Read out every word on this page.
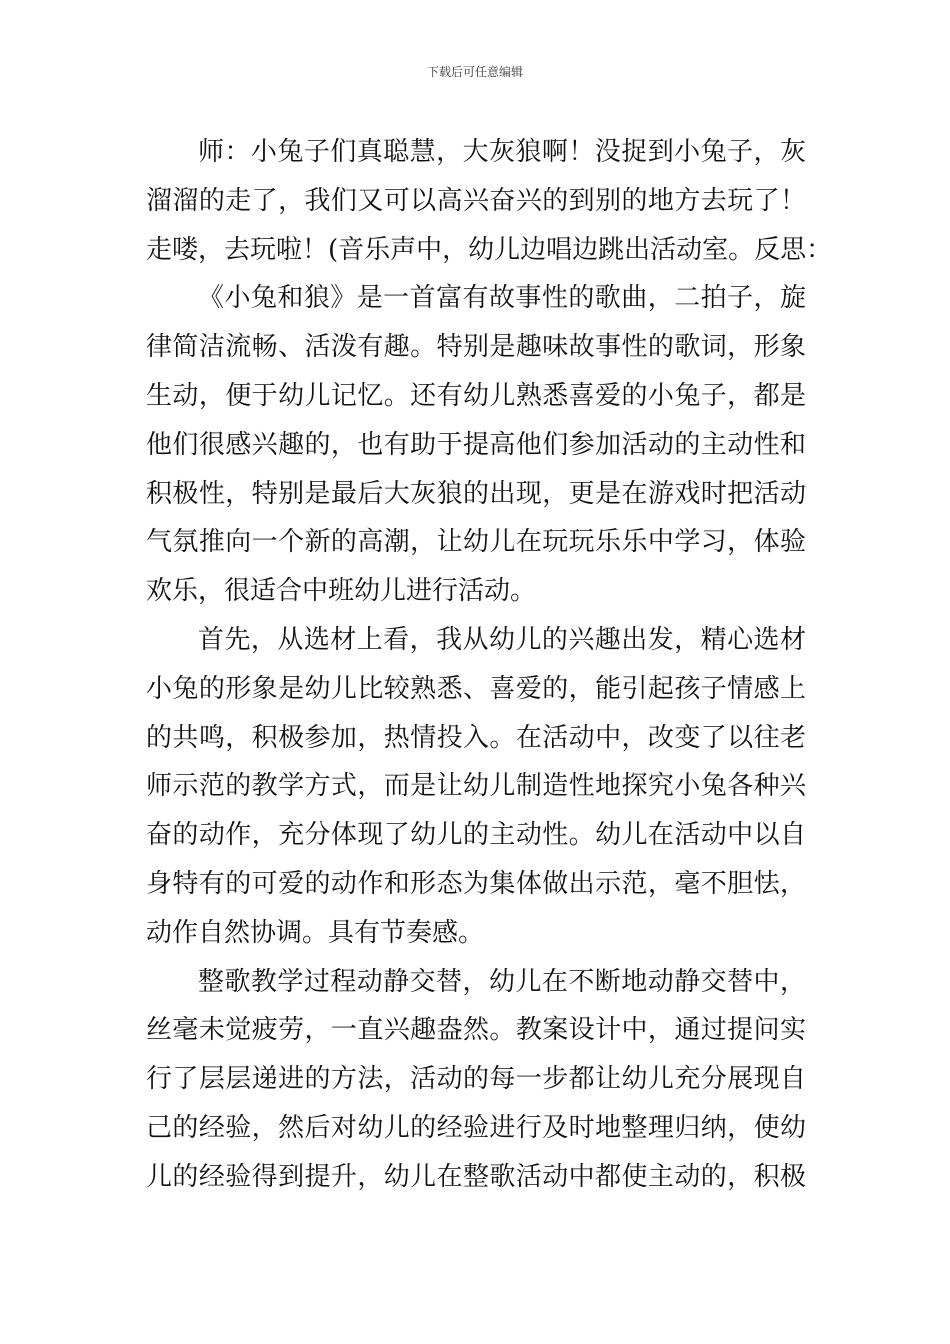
下载后可任意编辑
师：小兔子们真聪慧，大灰狼啊！没捉到小兔子，灰
溜溜的走了，我们又可以高兴奋兴的到别的地方去玩了！
走喽，去玩啦！(音乐声中，幼儿边唱边跳出活动室。反思：
《小兔和狼》是一首富有故事性的歌曲，二拍子，旋
律简洁流畅、活泼有趣。特别是趣味故事性的歌词，形象
生动，便于幼儿记忆。还有幼儿熟悉喜爱的小兔子，都是
他们很感兴趣的，也有助于提高他们参加活动的主动性和
积极性，特别是最后大灰狼的出现，更是在游戏时把活动
气氛推向一个新的高潮，让幼儿在玩玩乐乐中学习，体验
欢乐，很适合中班幼儿进行活动。
首先，从选材上看，我从幼儿的兴趣出发，精心选材
小兔的形象是幼儿比较熟悉、喜爱的，能引起孩子情感上
的共鸣，积极参加，热情投入。在活动中，改变了以往老
师示范的教学方式，而是让幼儿制造性地探究小兔各种兴
奋的动作，充分体现了幼儿的主动性。幼儿在活动中以自
身特有的可爱的动作和形态为集体做出示范，毫不胆怯，
动作自然协调。具有节奏感。
整歌教学过程动静交替，幼儿在不断地动静交替中，
丝毫未觉疲劳，一直兴趣盎然。教案设计中，通过提问实
行了层层递进的方法，活动的每一步都让幼儿充分展现自
己的经验，然后对幼儿的经验进行及时地整理归纳，使幼
儿的经验得到提升，幼儿在整歌活动中都使主动的，积极
